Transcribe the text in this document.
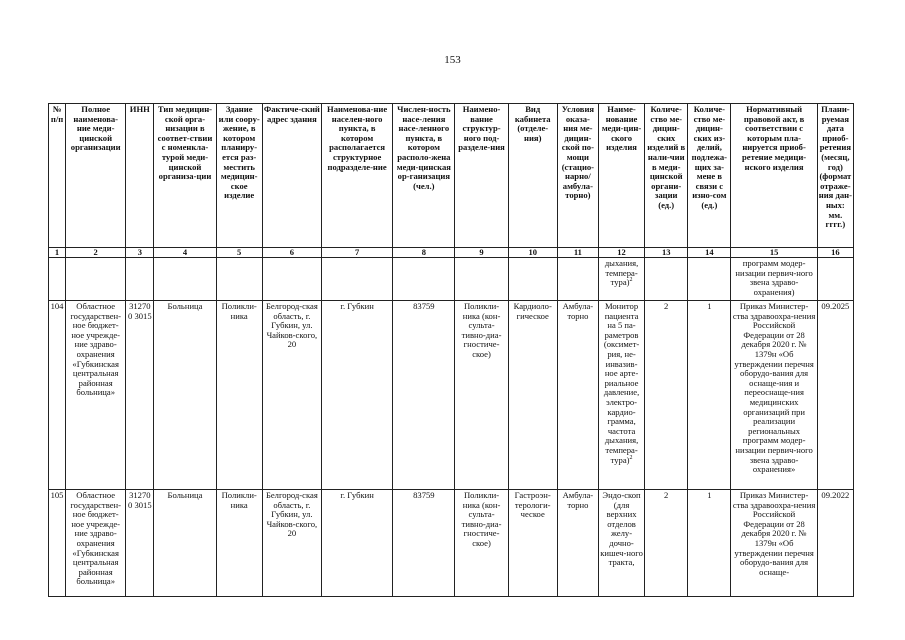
153
№ п/п	Полное наименова-ние меди-цинской организации	ИНН	Тип медицин-ской орга-низации в соответ-ствии с номенкла-турой меди-цинской организа-ции	Здание или соору-жение, в котором планиру-ется раз-местить медицин-ское изделие	Фактиче-ский адрес здания	Наименова-ние населен-ного пункта, в котором располагается структурное подразделе-ние	Числен-ность насе-ления насе-ленного пункта, в котором располо-жена меди-цинская ор-ганизация (чел.)	Наимено-вание структур-ного под-разделе-ния	Вид кабинета (отделе-ния)	Условия оказа-ния ме-дицин-ской по-мощи (стацио-нарно/ амбула-торно)	Наиме-нование меди-цин-ского изделия	Количе-ство ме-дицин-ских изделий в нали-чии в меди-цинской органи-зации (ед.)	Количе-ство ме-дицин-ских из-делий, подлежа-щих за-мене в связи с изно-сом (ед.)	Нормативный правовой акт, в соответствии с которым пла-нируется приоб-ретение медици-нского изделия	Плани-руемая дата приоб-ретения (месяц, год) (формат отраже-ния дан-ных: мм. гггг.)
1	2	3	4	5	6	7	8	9	10	11	12	13	14	15	16
											дыхания, темпера-тура)$^2$			программ модер-низации первич-ного звена здраво-охранения)	
104	Областное государствен-ное бюджет-ное учрежде-ние здраво-охранения «Губкинская центральная районная больница»	312700 3015	Больница	Поликли-ника	Белгород-ская область, г. Губкин, ул. Чайков-ского, 20	г. Губкин	83759	Поликли-ника (кон-сульта-тивно-диа-гностиче-ское)	Кардиоло-гическое	Амбула-торно	Монитор пациента на 5 па-раметров (оксимет-рия, не-инвазив-ное арте-риальное давление, электро-кардио-грамма, частота дыхания, темпера-тура)$^2$	2	1	Приказ Министер-ства здравоохра-нения Российской Федерации от 28 декабря 2020 г. № 1379н «Об утверждении перечня оборудо-вания для оснаще-ния и переоснаще-ния медицинских организаций при реализации региональных программ модер-низации первич-ного звена здраво-охранения»	09.2025
105	Областное государствен-ное бюджет-ное учрежде-ние здраво-охранения «Губкинская центральная районная больница»	312700 3015	Больница	Поликли-ника	Белгород-ская область, г. Губкин, ул. Чайков-ского, 20	г. Губкин	83759	Поликли-ника (кон-сульта-тивно-диа-гностиче-ское)	Гастроэн-терологи-ческое	Амбула-торно	Эндо-скоп (для верхних отделов желу-дочно-кишеч-ного тракта,	2	1	Приказ Министер-ства здравоохра-нения Российской Федерации от 28 декабря 2020 г. № 1379н «Об утверждении перечня оборудо-вания для оснаще-	09.2022
